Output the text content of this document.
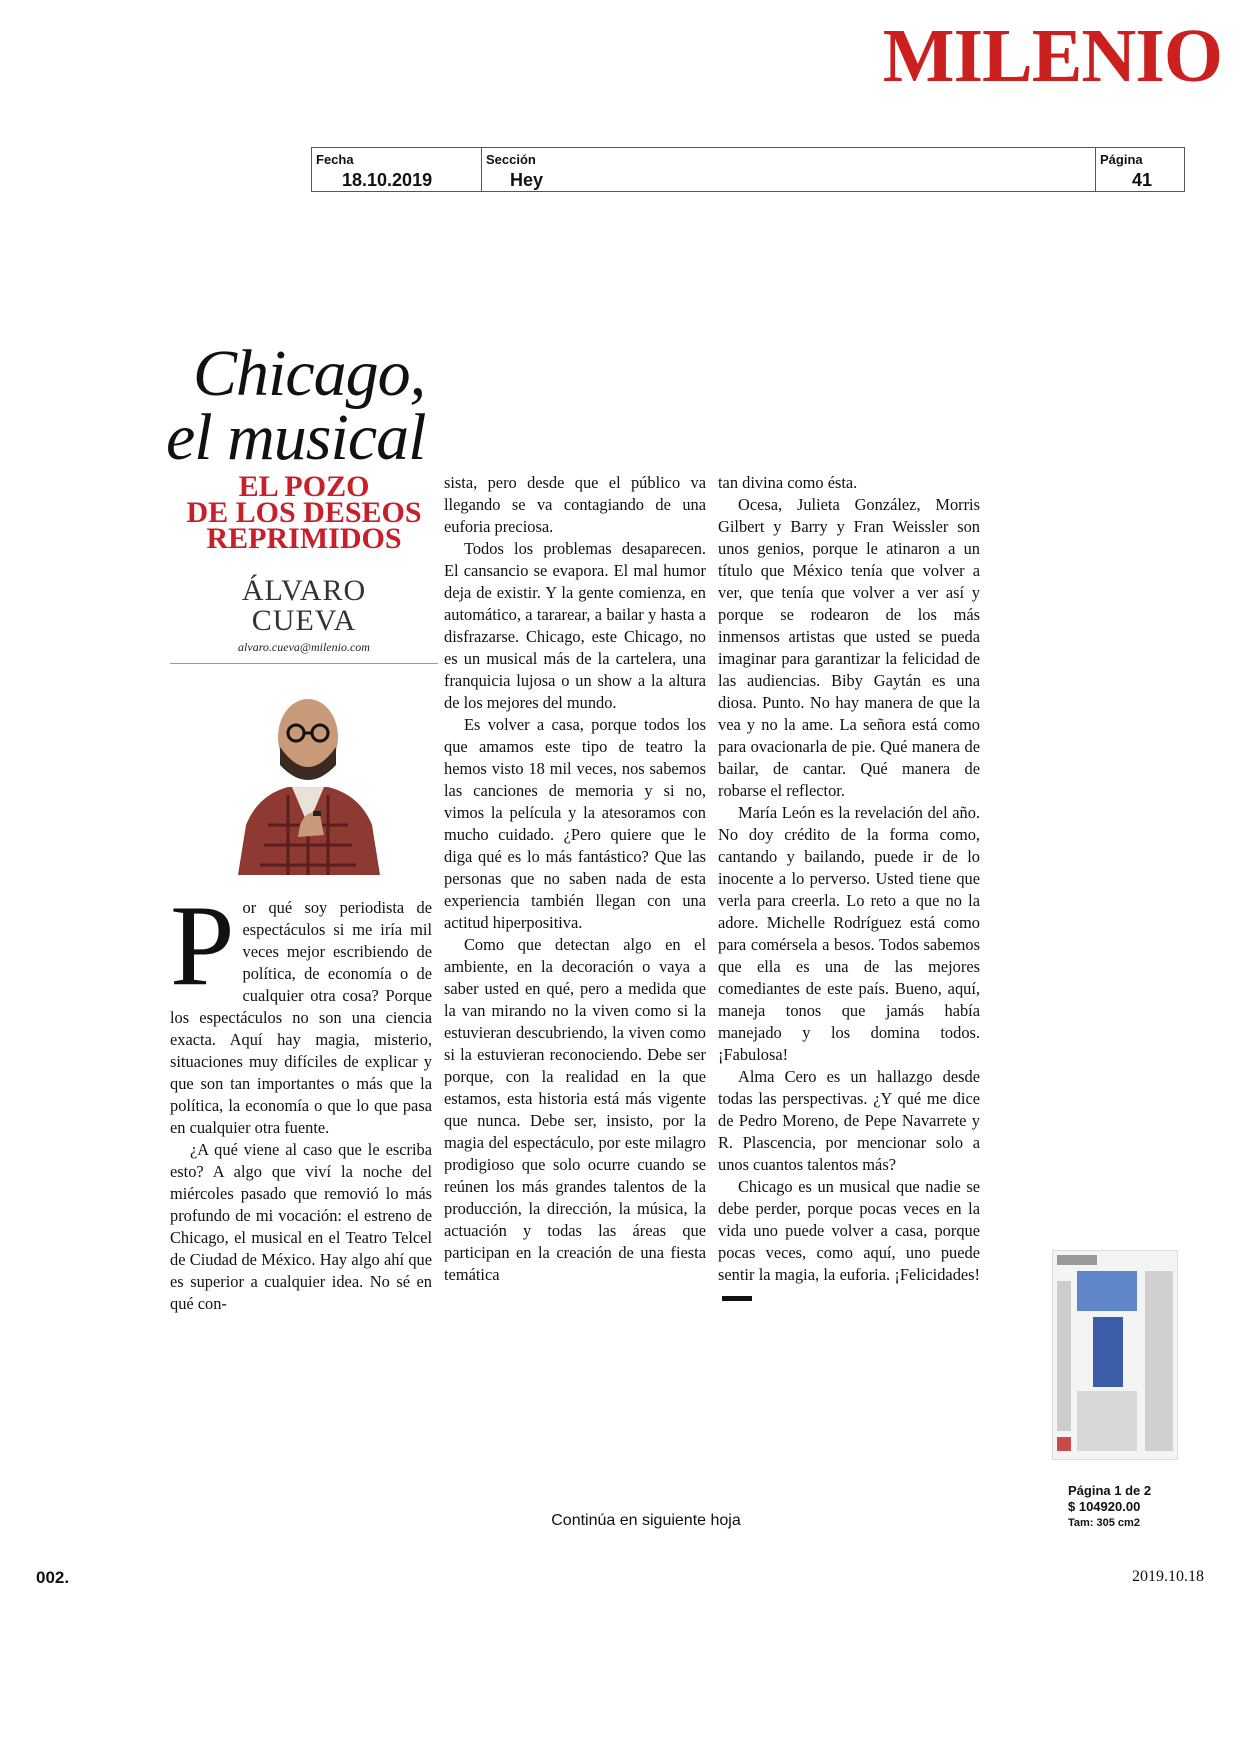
MILENIO
Fecha
18.10.2019
Sección
Hey
Página
41
Chicago,
el musical
EL POZO
DE LOS DESEOS
REPRIMIDOS
ÁLVARO
CUEVA
alvaro.cueva@milenio.com
P or qué soy periodista de espectáculos si me iría mil veces mejor escribiendo de política, de economía o de cualquier otra cosa? Porque los espectáculos no son una ciencia exacta. Aquí hay magia, misterio, situaciones muy difíciles de explicar y que son tan importantes o más que la política, la economía o que lo que pasa en cualquier otra fuente.

¿A qué viene al caso que le escriba esto? A algo que viví la noche del miércoles pasado que removió lo más profundo de mi vocación: el estreno de Chicago, el musical en el Teatro Telcel de Ciudad de México. Hay algo ahí que es superior a cualquier idea. No sé en qué con-

sista, pero desde que el público va llegando se va contagiando de una euforia preciosa.

Todos los problemas desaparecen. El cansancio se evapora. El mal humor deja de existir. Y la gente comienza, en automático, a tararear, a bailar y hasta a disfrazarse. Chicago, este Chicago, no es un musical más de la cartelera, una franquicia lujosa o un show a la altura de los mejores del mundo.

Es volver a casa, porque todos los que amamos este tipo de teatro la hemos visto 18 mil veces, nos sabemos las canciones de memoria y si no, vimos la película y la atesoramos con mucho cuidado. ¿Pero quiere que le diga qué es lo más fantástico? Que las personas que no saben nada de esta experiencia también llegan con una actitud hiperpositiva.

Como que detectan algo en el ambiente, en la decoración o vaya a saber usted en qué, pero a medida que la van mirando no la viven como si la estuvieran descubriendo, la viven como si la estuvieran reconociendo. Debe ser porque, con la realidad en la que estamos, esta historia está más vigente que nunca. Debe ser, insisto, por la magia del espectáculo, por este milagro prodigioso que solo ocurre cuando se reúnen los más grandes talentos de la producción, la dirección, la música, la actuación y todas las áreas que participan en la creación de una fiesta temática

tan divina como ésta.

Ocesa, Julieta González, Morris Gilbert y Barry y Fran Weissler son unos genios, porque le atinaron a un título que México tenía que volver a ver, que tenía que volver a ver así y porque se rodearon de los más inmensos artistas que usted se pueda imaginar para garantizar la felicidad de las audiencias. Biby Gaytán es una diosa. Punto. No hay manera de que la vea y no la ame. La señora está como para ovacionarla de pie. Qué manera de bailar, de cantar. Qué manera de robarse el reflector.

María León es la revelación del año. No doy crédito de la forma como, cantando y bailando, puede ir de lo inocente a lo perverso. Usted tiene que verla para creerla. Lo reto a que no la adore. Michelle Rodríguez está como para comérsela a besos. Todos sabemos que ella es una de las mejores comediantes de este país. Bueno, aquí, maneja tonos que jamás había manejado y los domina todos. ¡Fabulosa!

Alma Cero es un hallazgo desde todas las perspectivas. ¿Y qué me dice de Pedro Moreno, de Pepe Navarrete y R. Plascencia, por mencionar solo a unos cuantos talentos más?

Chicago es un musical que nadie se debe perder, porque pocas veces en la vida uno puede volver a casa, porque pocas veces, como aquí, uno puede sentir la magia, la euforia. ¡Felicidades!

Página 1 de 2
$ 104920.00
Tam: 305 cm2
Continúa en siguiente hoja
002.	2019.10.18
